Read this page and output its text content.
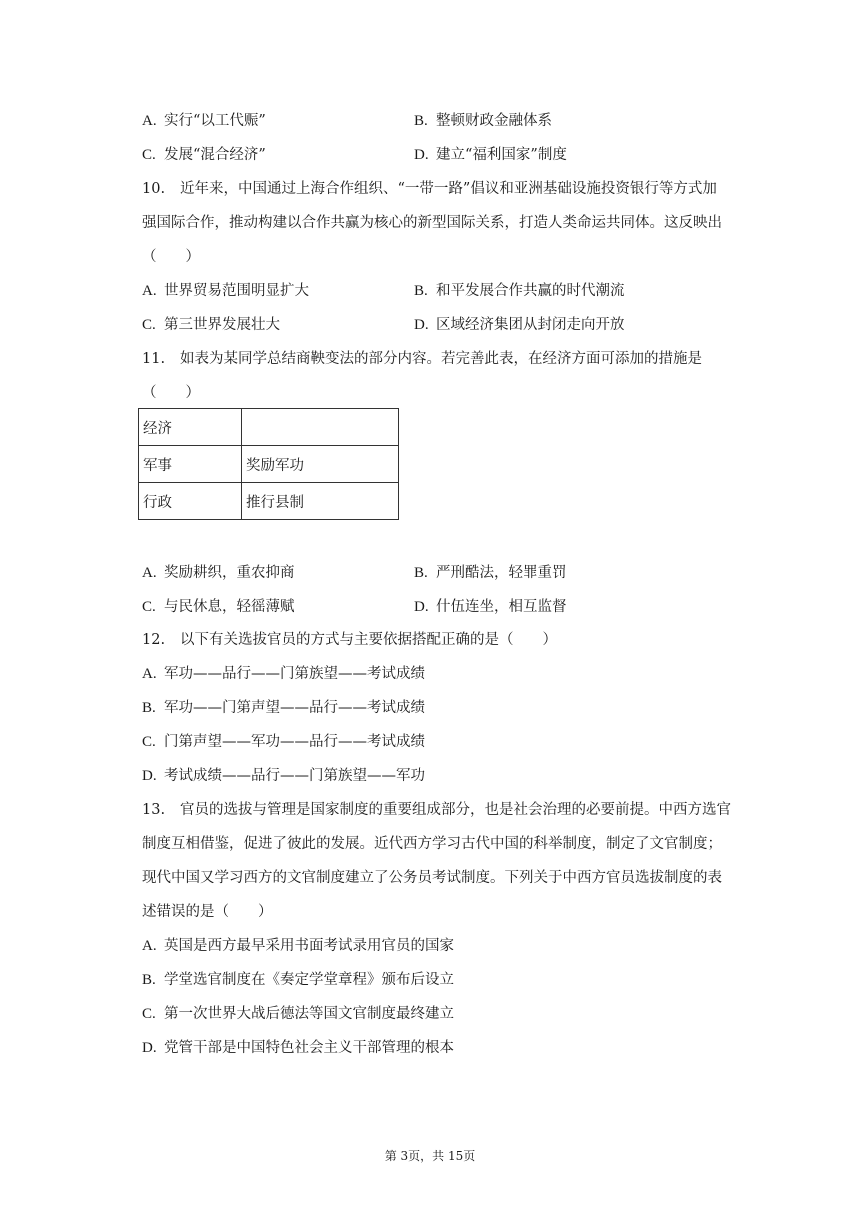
A. 实行“以工代赈”	B. 整顿财政金融体系
C. 发展“混合经济”	D. 建立“福利国家”制度
10. 近年来，中国通过上海合作组织、“一带一路”倡议和亚洲基础设施投资银行等方式加
强国际合作，推动构建以合作共赢为核心的新型国际关系，打造人类命运共同体。这反映出
（　　）
A. 世界贸易范围明显扩大	B. 和平发展合作共赢的时代潮流
C. 第三世界发展壮大	D. 区域经济集团从封闭走向开放
11. 如表为某同学总结商鞅变法的部分内容。若完善此表，在经济方面可添加的措施是
（　　）
经济	
军事	奖励军功
行政	推行县制
A. 奖励耕织，重农抑商	B. 严刑酷法，轻罪重罚
C. 与民休息，轻徭薄赋	D. 什伍连坐，相互监督
12. 以下有关选拔官员的方式与主要依据搭配正确的是（　　）
A. 军功——品行——门第族望——考试成绩
B. 军功——门第声望——品行——考试成绩
C. 门第声望——军功——品行——考试成绩
D. 考试成绩——品行——门第族望——军功
13. 官员的选拔与管理是国家制度的重要组成部分，也是社会治理的必要前提。中西方选官
制度互相借鉴，促进了彼此的发展。近代西方学习古代中国的科举制度，制定了文官制度；
现代中国又学习西方的文官制度建立了公务员考试制度。下列关于中西方官员选拔制度的表
述错误的是（　　）
A. 英国是西方最早采用书面考试录用官员的国家
B. 学堂选官制度在《奏定学堂章程》颁布后设立
C. 第一次世界大战后德法等国文官制度最终建立
D. 党管干部是中国特色社会主义干部管理的根本
第 3页，共 15页
